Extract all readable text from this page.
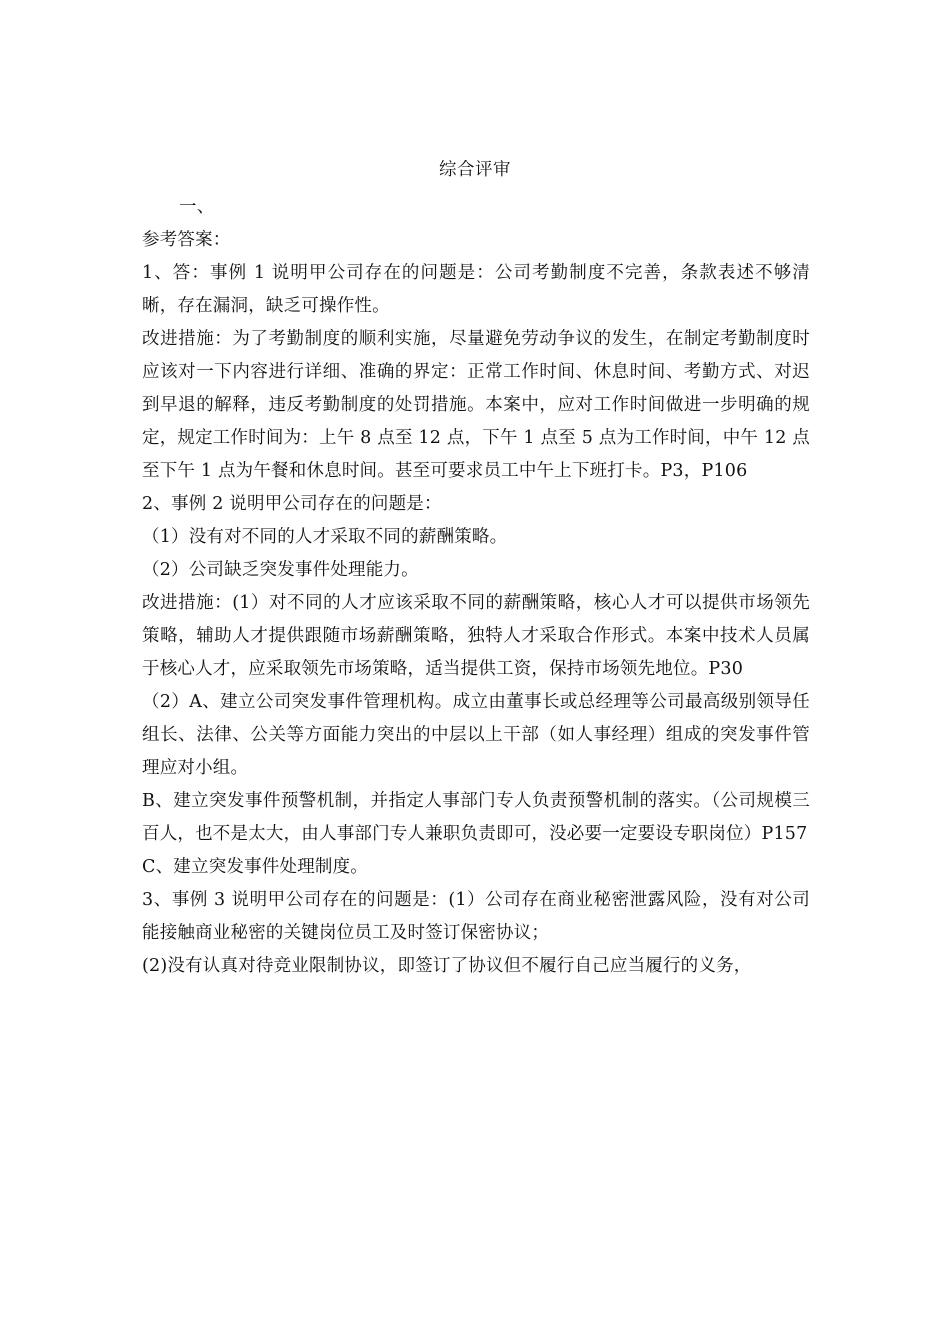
综合评审

一、

参考答案：

1、答：事例 1 说明甲公司存在的问题是：公司考勤制度不完善，条款表述不够清晰，存在漏洞，缺乏可操作性。

改进措施：为了考勤制度的顺利实施，尽量避免劳动争议的发生，在制定考勤制度时应该对一下内容进行详细、准确的界定：正常工作时间、休息时间、考勤方式、对迟到早退的解释，违反考勤制度的处罚措施。本案中，应对工作时间做进一步明确的规定，规定工作时间为：上午 8 点至 12 点，下午 1 点至 5 点为工作时间，中午 12 点至下午 1 点为午餐和休息时间。甚至可要求员工中午上下班打卡。P3，P106

2、事例 2 说明甲公司存在的问题是：

（1）没有对不同的人才采取不同的薪酬策略。

（2）公司缺乏突发事件处理能力。

改进措施：(1）对不同的人才应该采取不同的薪酬策略，核心人才可以提供市场领先策略，辅助人才提供跟随市场薪酬策略，独特人才采取合作形式。本案中技术人员属于核心人才，应采取领先市场策略，适当提供工资，保持市场领先地位。P30

（2）A、建立公司突发事件管理机构。成立由董事长或总经理等公司最高级别领导任组长、法律、公关等方面能力突出的中层以上干部（如人事经理）组成的突发事件管理应对小组。

B、建立突发事件预警机制，并指定人事部门专人负责预警机制的落实。（公司规模三百人，也不是太大，由人事部门专人兼职负责即可，没必要一定要设专职岗位）P157

C、建立突发事件处理制度。

3、事例 3 说明甲公司存在的问题是：(1）公司存在商业秘密泄露风险，没有对公司能接触商业秘密的关键岗位员工及时签订保密协议；

(2)没有认真对待竞业限制协议，即签订了协议但不履行自己应当履行的义务，
